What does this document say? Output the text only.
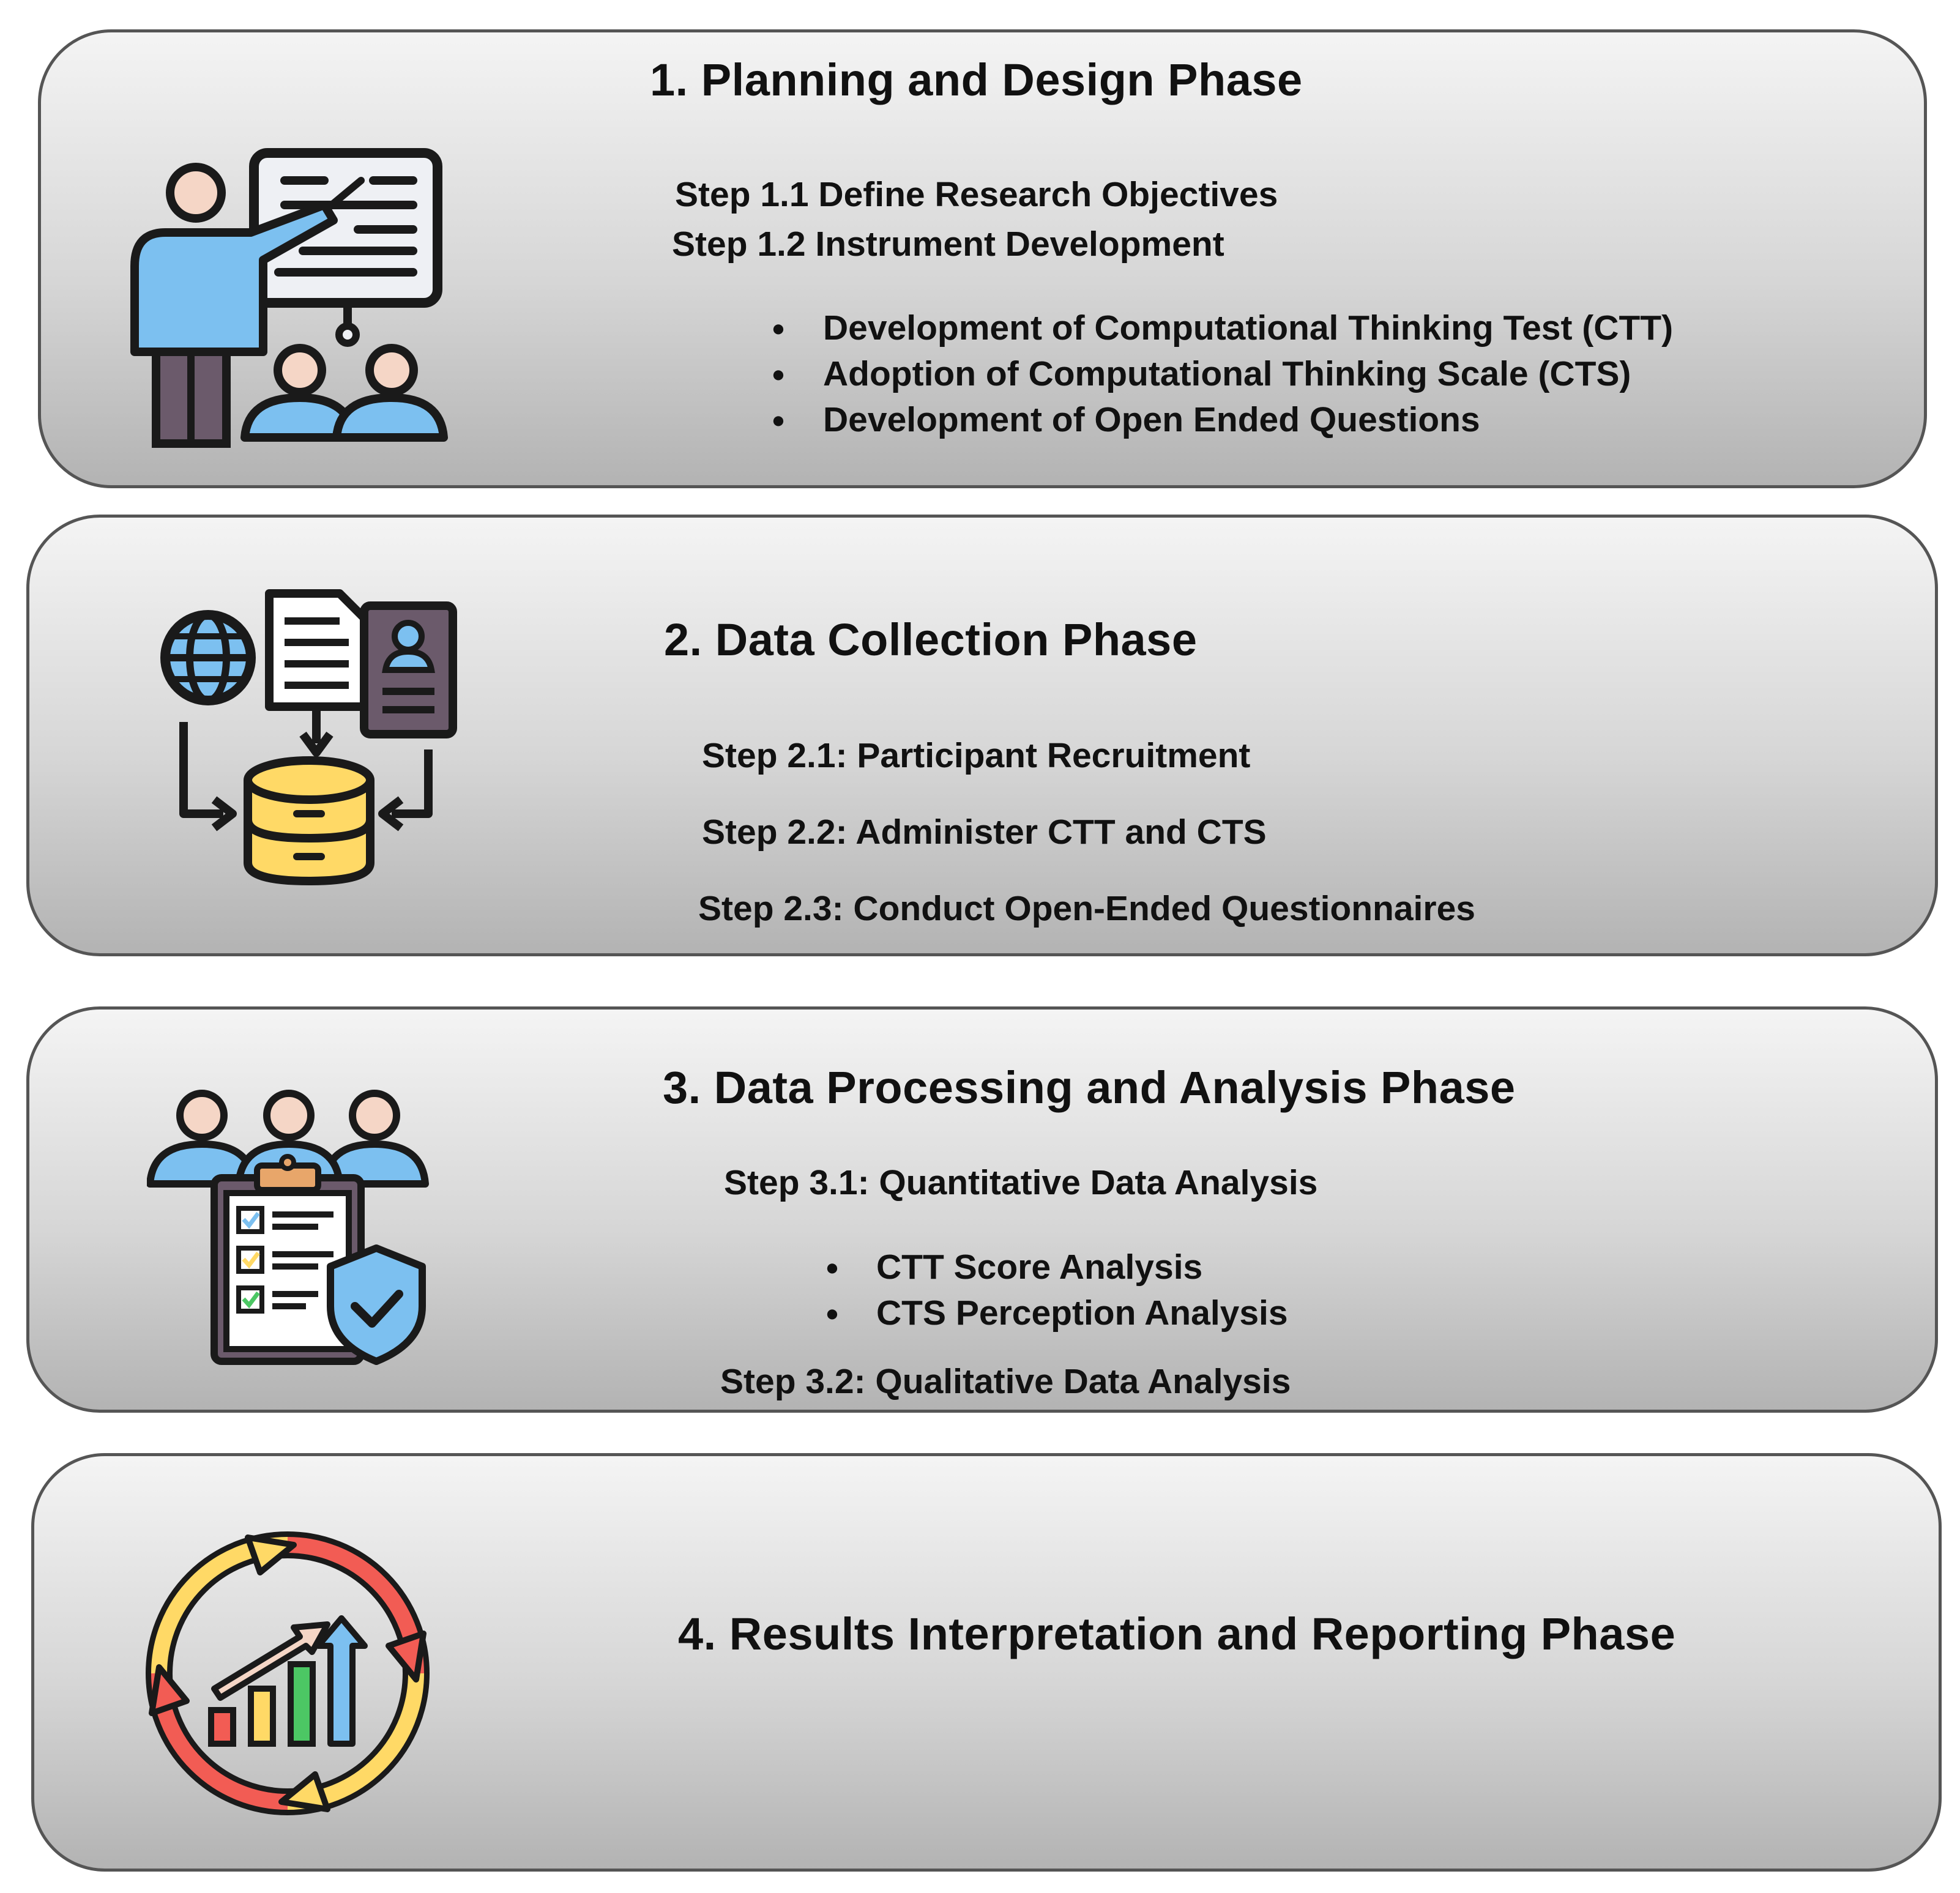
1. Planning and Design Phase
Step 1.1 Define Research Objectives
Step 1.2 Instrument Development
• Development of Computational Thinking Test (CTT)
• Adoption of Computational Thinking Scale (CTS)
• Development of Open Ended Questions
2. Data Collection Phase
Step 2.1: Participant Recruitment
Step 2.2: Administer CTT and CTS
Step 2.3: Conduct Open-Ended Questionnaires
3. Data Processing and Analysis Phase
Step 3.1: Quantitative Data Analysis
• CTT Score Analysis
• CTS Perception Analysis
Step 3.2: Qualitative Data Analysis
4. Results Interpretation and Reporting Phase
